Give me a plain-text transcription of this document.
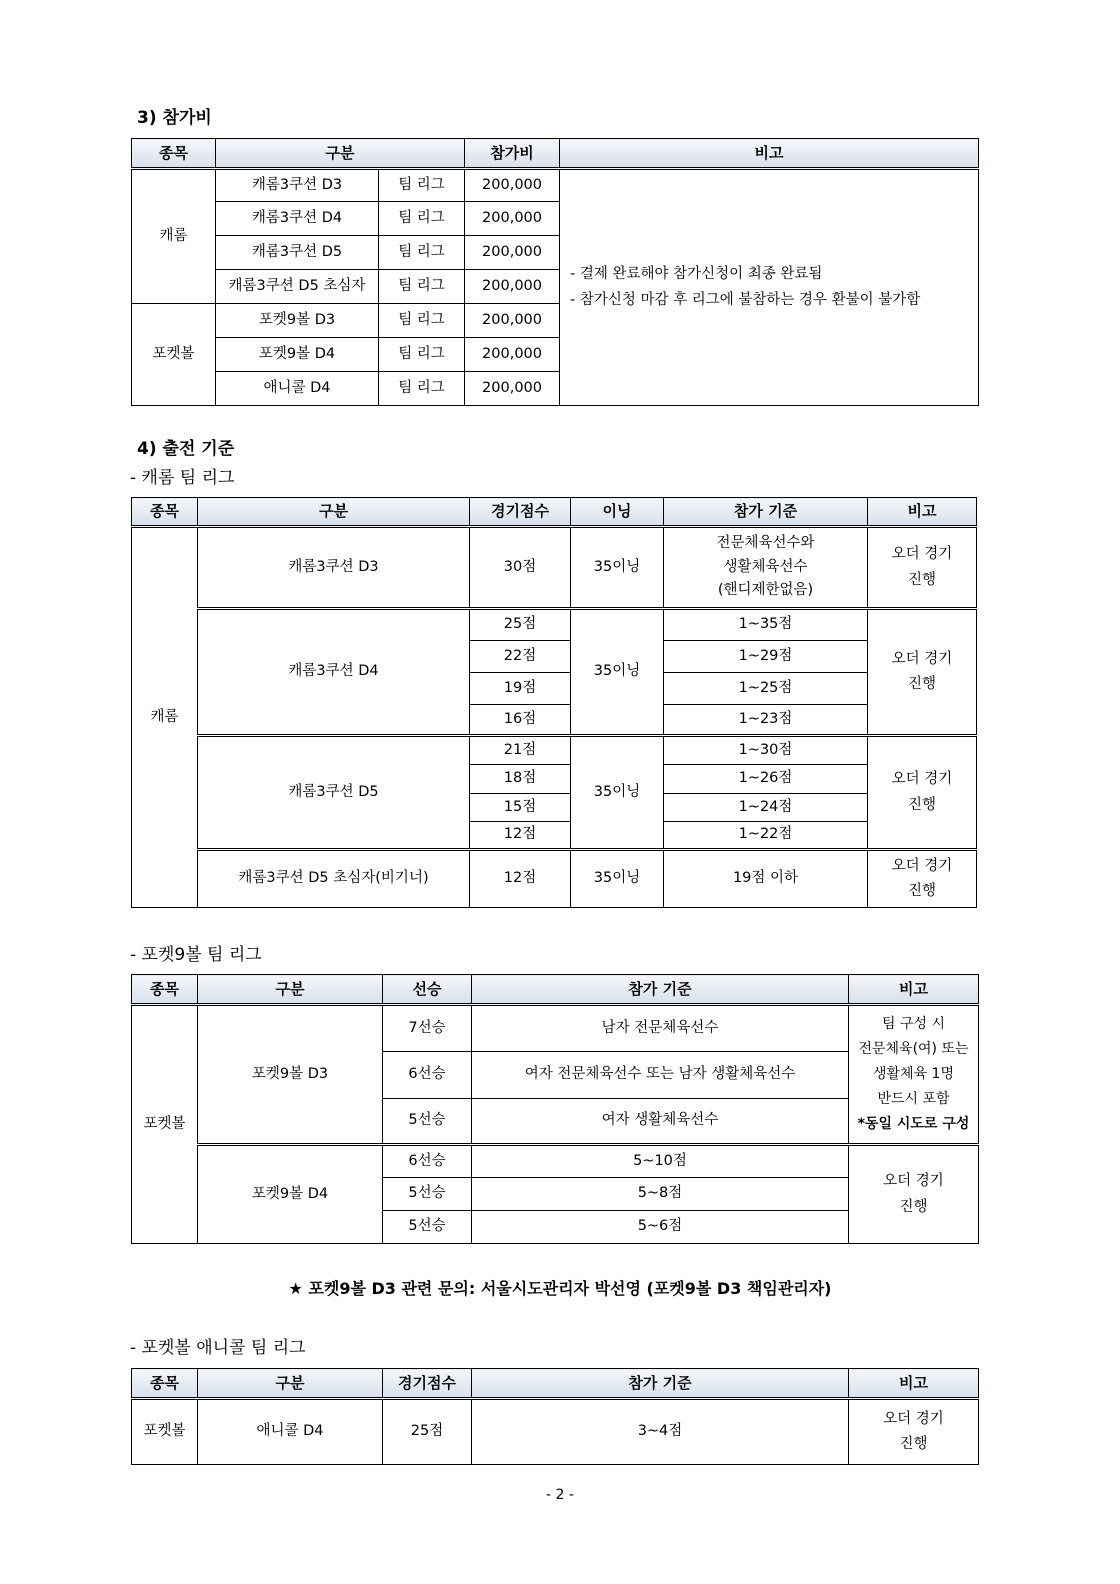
3) 참가비
종목	구분		참가비	비고
캐롬	캐롬3쿠션 D3	팀 리그	200,000	- 결제 완료해야 참가신청이 최종 완료됨
- 참가신청 마감 후 리그에 불참하는 경우 환불이 불가함

	캐롬3쿠션 D4	팀 리그	200,000	
	캐롬3쿠션 D5	팀 리그	200,000	
	캐롬3쿠션 D5 초심자	팀 리그	200,000	
포켓볼	포켓9볼 D3	팀 리그	200,000	
	포켓9볼 D4	팀 리그	200,000	
	애니콜 D4	팀 리그	200,000	
4) 출전 기준
- 캐롬 팀 리그
종목	구분	경기점수	이닝	참가 기준	비고
캐롬	캐롬3쿠션 D3	30점	35이닝	전문체육선수와
생활체육선수
(핸디제한없음)	오더 경기
진행
	캐롬3쿠션 D4	25점	35이닝	1~35점	오더 경기
진행
		22점		1~29점	
		19점		1~25점	
		16점		1~23점	
	캐롬3쿠션 D5	21점	35이닝	1~30점	오더 경기
진행
		18점		1~26점	
		15점		1~24점	
		12점		1~22점	
	캐롬3쿠션 D5 초심자(비기너)	12점	35이닝	19점 이하	오더 경기
진행
- 포켓9볼 팀 리그
종목	구분	선승	참가 기준	비고
포켓볼	포켓9볼 D3	7선승	남자 전문체육선수	팀 구성 시
전문체육(여) 또는
생활체육 1명
반드시 포함
*동일 시도로 구성

		6선승	여자 전문체육선수 또는 남자 생활체육선수	
		5선승	여자 생활체육선수	
	포켓9볼 D4	6선승	5~10점	오더 경기
진행
		5선승	5~8점	
		5선승	5~6점	
★ 포켓9볼 D3 관련 문의: 서울시도관리자 박선영 (포켓9볼 D3 책임관리자)
- 포켓볼 애니콜 팀 리그
종목	구분	경기점수	참가 기준	비고
포켓볼	애니콜 D4	25점	3~4점	오더 경기
진행
- 2 -
